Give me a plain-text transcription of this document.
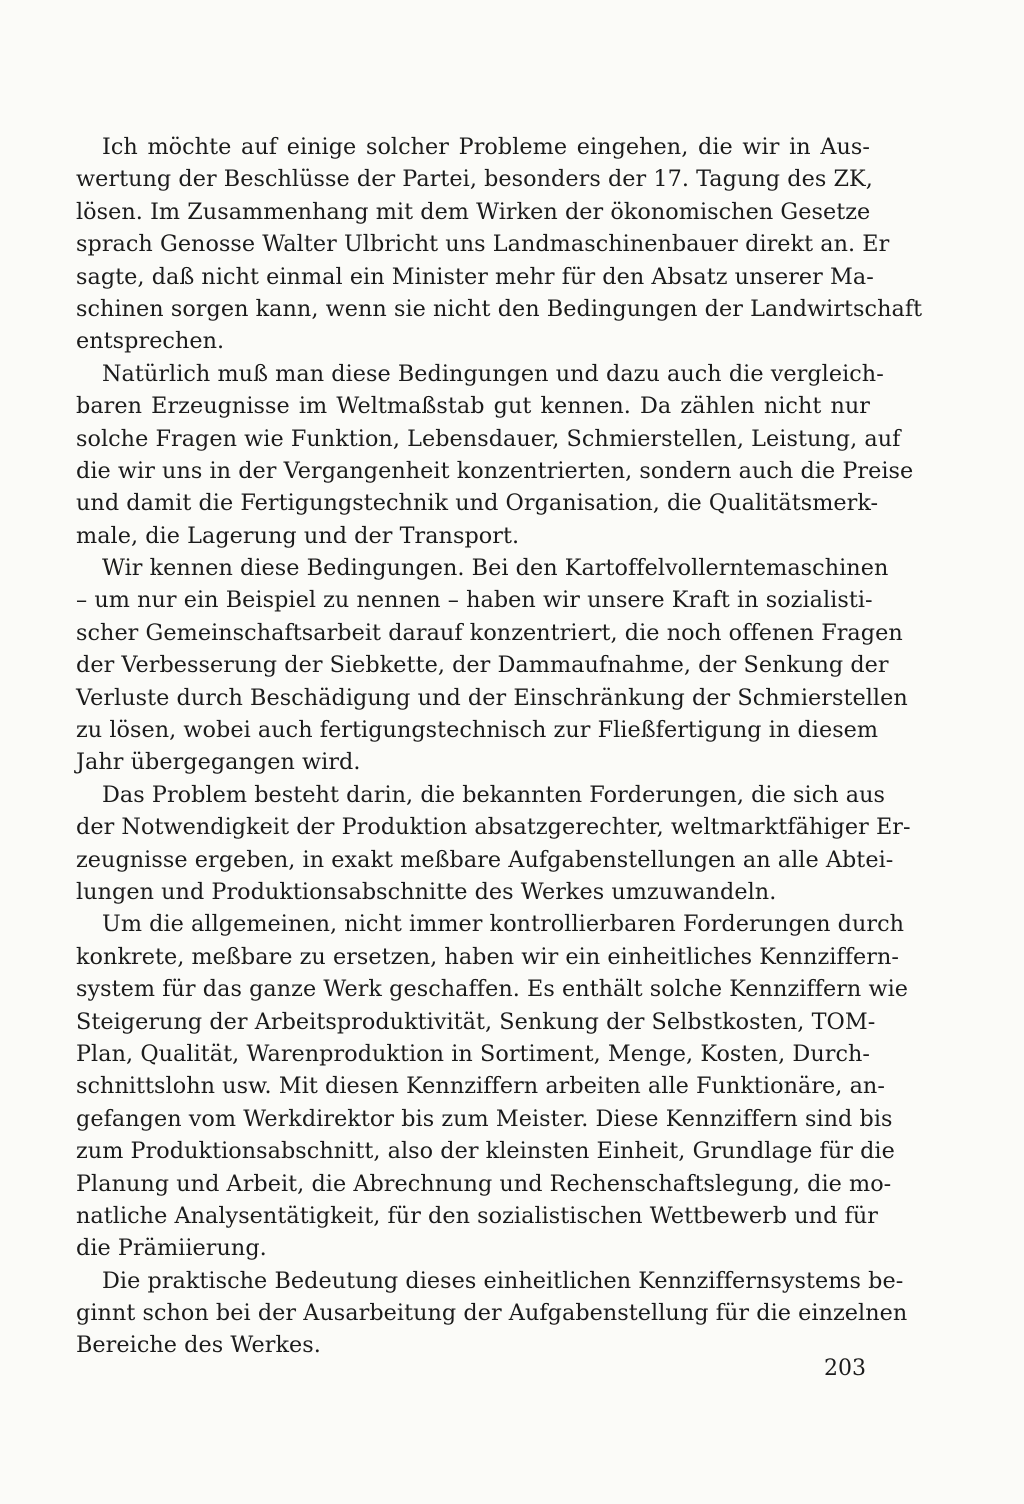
Ich möchte auf einige solcher Probleme eingehen, die wir in Aus-
wertung der Beschlüsse der Partei, besonders der 17. Tagung des ZK,
lösen. Im Zusammenhang mit dem Wirken der ökonomischen Gesetze
sprach Genosse Walter Ulbricht uns Landmaschinenbauer direkt an. Er
sagte, daß nicht einmal ein Minister mehr für den Absatz unserer Ma-
schinen sorgen kann, wenn sie nicht den Bedingungen der Landwirtschaft
entsprechen.
Natürlich muß man diese Bedingungen und dazu auch die vergleich-
baren Erzeugnisse im Weltmaßstab gut kennen. Da zählen nicht nur
solche Fragen wie Funktion, Lebensdauer, Schmierstellen, Leistung, auf
die wir uns in der Vergangenheit konzentrierten, sondern auch die Preise
und damit die Fertigungstechnik und Organisation, die Qualitätsmerk-
male, die Lagerung und der Transport.
Wir kennen diese Bedingungen. Bei den Kartoffelvollerntemaschinen
– um nur ein Beispiel zu nennen – haben wir unsere Kraft in sozialisti-
scher Gemeinschaftsarbeit darauf konzentriert, die noch offenen Fragen
der Verbesserung der Siebkette, der Dammaufnahme, der Senkung der
Verluste durch Beschädigung und der Einschränkung der Schmierstellen
zu lösen, wobei auch fertigungstechnisch zur Fließfertigung in diesem
Jahr übergegangen wird.
Das Problem besteht darin, die bekannten Forderungen, die sich aus
der Notwendigkeit der Produktion absatzgerechter, weltmarktfähiger Er-
zeugnisse ergeben, in exakt meßbare Aufgabenstellungen an alle Abtei-
lungen und Produktionsabschnitte des Werkes umzuwandeln.
Um die allgemeinen, nicht immer kontrollierbaren Forderungen durch
konkrete, meßbare zu ersetzen, haben wir ein einheitliches Kennziffern-
system für das ganze Werk geschaffen. Es enthält solche Kennziffern wie
Steigerung der Arbeitsproduktivität, Senkung der Selbstkosten, TOM-
Plan, Qualität, Warenproduktion in Sortiment, Menge, Kosten, Durch-
schnittslohn usw. Mit diesen Kennziffern arbeiten alle Funktionäre, an-
gefangen vom Werkdirektor bis zum Meister. Diese Kennziffern sind bis
zum Produktionsabschnitt, also der kleinsten Einheit, Grundlage für die
Planung und Arbeit, die Abrechnung und Rechenschaftslegung, die mo-
natliche Analysentätigkeit, für den sozialistischen Wettbewerb und für
die Prämiierung.
Die praktische Bedeutung dieses einheitlichen Kennziffernsystems be-
ginnt schon bei der Ausarbeitung der Aufgabenstellung für die einzelnen
Bereiche des Werkes.
203
